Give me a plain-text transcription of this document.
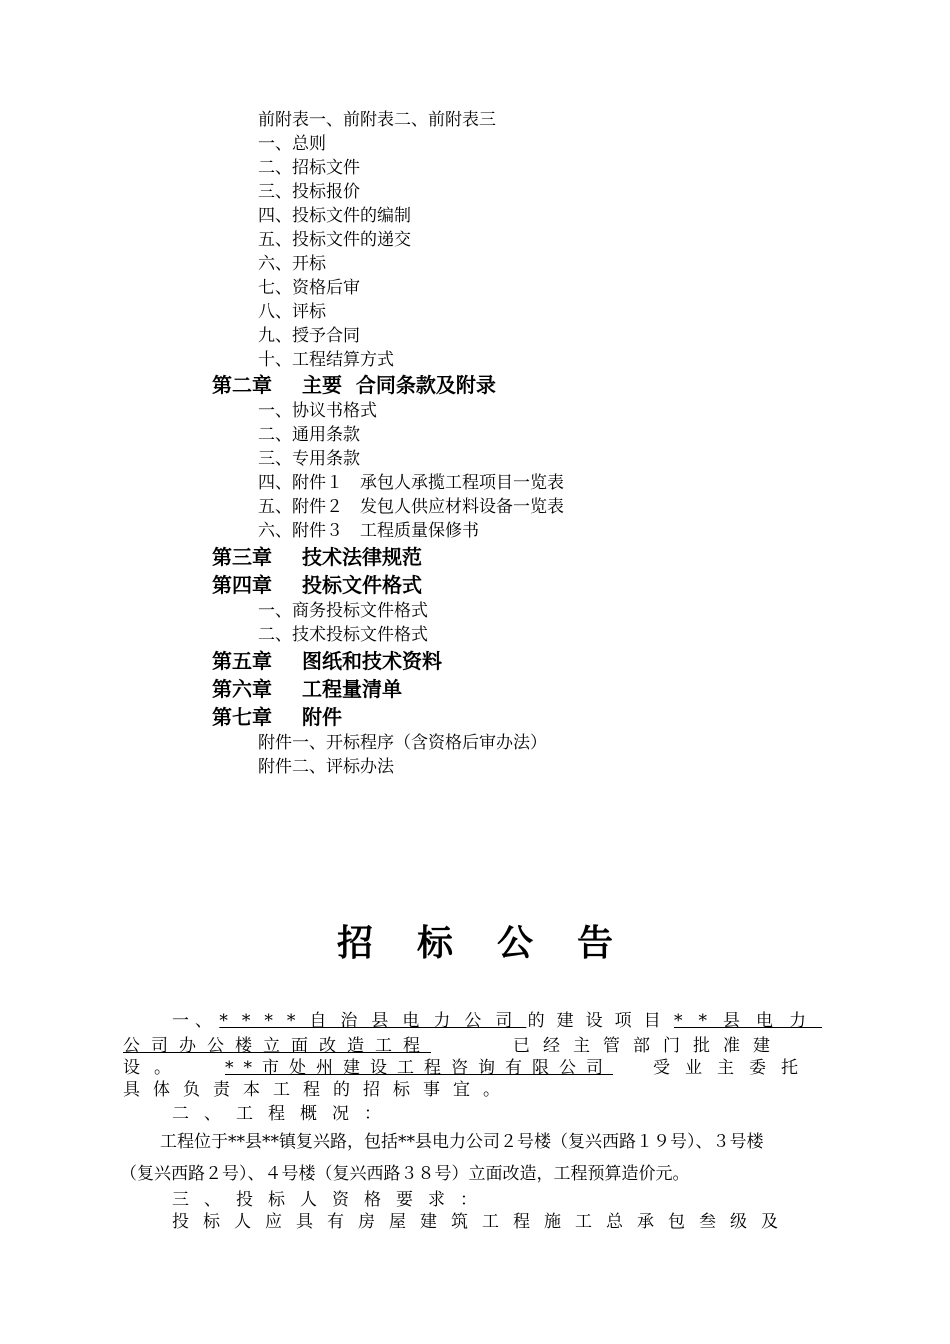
前附表一、前附表二、前附表三
一、总则
二、招标文件
三、投标报价
四、投标文件的编制
五、投标文件的递交
六、开标
七、资格后审
八、评标
九、授予合同
十、工程结算方式
第二章 主要  合同条款及附录
一、协议书格式
二、通用条款
三、专用条款
四、附件１　承包人承揽工程项目一览表
五、附件２　发包人供应材料设备一览表
六、附件３　工程质量保修书
第三章 技术法律规范
第四章 投标文件格式
一、商务投标文件格式
二、技术投标文件格式
第五章 图纸和技术资料
第六章 工程量清单
第七章 附件
附件一、开标程序（含资格后审办法）
附件二、评标办法
招标公告
一、 ****自治县电力公司 的建设项目 **县电力
公司办公楼立面改造工程	已经主管部门批准建
设。 **市处州建设工程咨询有限公司 受业主委托
具体负责本工程的招标事宜。
二、工程概况：
工程位于**县**镇复兴路，包括**县电力公司２号楼（复兴西路１９号）、３号楼
（复兴西路２号）、４号楼（复兴西路３８号）立面改造，工程预算造价元。
三、投标人资格要求：
投标人应具有房屋建筑工程施工总承包叁级及
